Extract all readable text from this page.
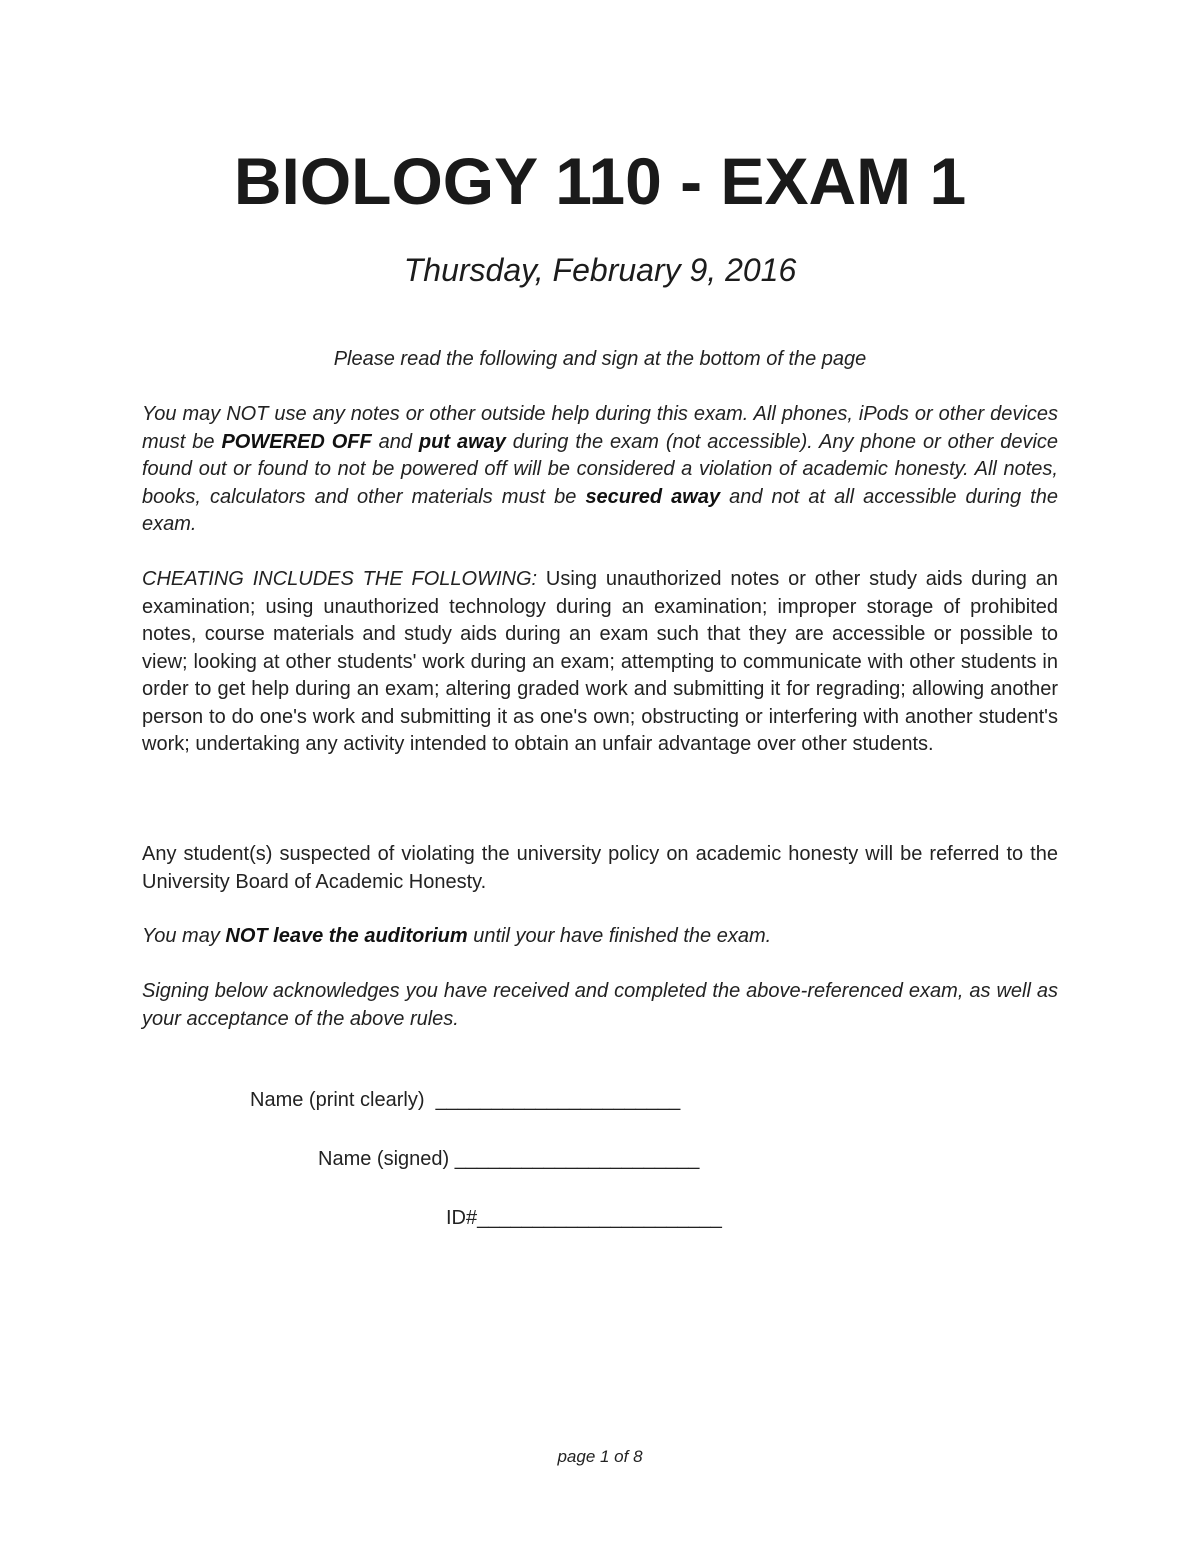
BIOLOGY 110 - EXAM 1
Thursday, February 9, 2016
Please read the following and sign at the bottom of the page

You may NOT use any notes or other outside help during this exam. All phones, iPods or other devices must be POWERED OFF and put away during the exam (not accessible). Any phone or other device found out or found to not be powered off will be considered a violation of academic honesty. All notes, books, calculators and other materials must be secured away and not at all accessible during the exam.

CHEATING INCLUDES THE FOLLOWING: Using unauthorized notes or other study aids during an examination; using unauthorized technology during an examination; improper storage of prohibited notes, course materials and study aids during an exam such that they are accessible or possible to view; looking at other students' work during an exam; attempting to communicate with other students in order to get help during an exam; altering graded work and submitting it for regrading; allowing another person to do one's work and submitting it as one's own; obstructing or interfering with another student's work; undertaking any activity intended to obtain an unfair advantage over other students.

Any student(s) suspected of violating the university policy on academic honesty will be referred to the University Board of Academic Honesty.

You may NOT leave the auditorium until your have finished the exam.

Signing below acknowledges you have received and completed the above-referenced exam, as well as your acceptance of the above rules.

Name (print clearly)  ______________________
Name (signed) ______________________
ID#______________________
page 1 of 8
